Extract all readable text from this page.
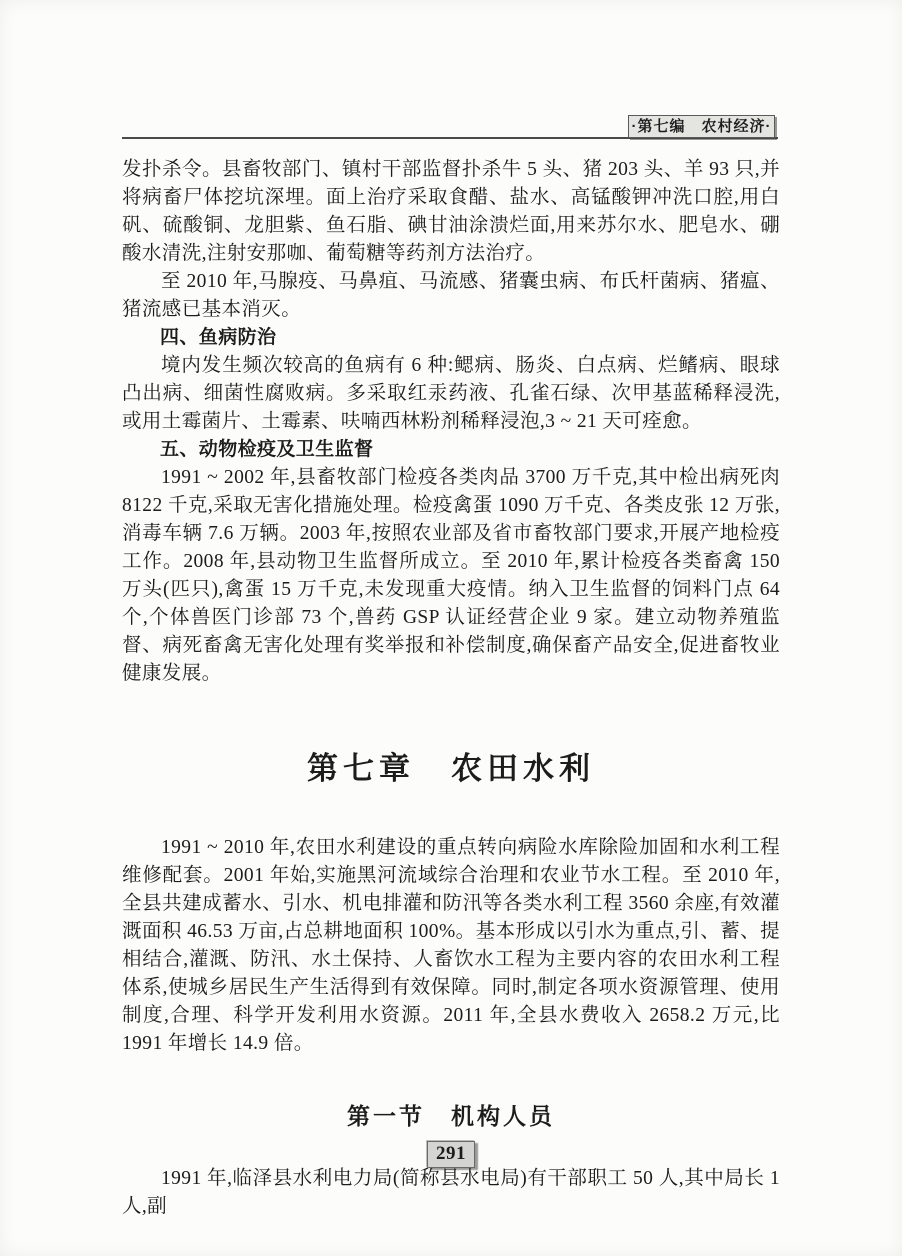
·第七编　农村经济·

发扑杀令。县畜牧部门、镇村干部监督扑杀牛 5 头、猪 203 头、羊 93 只,并将病畜尸体挖坑深埋。面上治疗采取食醋、盐水、高锰酸钾冲洗口腔,用白矾、硫酸铜、龙胆紫、鱼石脂、碘甘油涂溃烂面,用来苏尔水、肥皂水、硼酸水清洗,注射安那咖、葡萄糖等药剂方法治疗。

至 2010 年,马腺疫、马鼻疽、马流感、猪囊虫病、布氏杆菌病、猪瘟、猪流感已基本消灭。

四、鱼病防治

境内发生频次较高的鱼病有 6 种:鳃病、肠炎、白点病、烂鳍病、眼球凸出病、细菌性腐败病。多采取红汞药液、孔雀石绿、次甲基蓝稀释浸洗,或用土霉菌片、土霉素、呋喃西林粉剂稀释浸泡,3 ~ 21 天可痊愈。

五、动物检疫及卫生监督

1991 ~ 2002 年,县畜牧部门检疫各类肉品 3700 万千克,其中检出病死肉 8122 千克,采取无害化措施处理。检疫禽蛋 1090 万千克、各类皮张 12 万张,消毒车辆 7.6 万辆。2003 年,按照农业部及省市畜牧部门要求,开展产地检疫工作。2008 年,县动物卫生监督所成立。至 2010 年,累计检疫各类畜禽 150 万头(匹只),禽蛋 15 万千克,未发现重大疫情。纳入卫生监督的饲料门点 64 个,个体兽医门诊部 73 个,兽药 GSP 认证经营企业 9 家。建立动物养殖监督、病死畜禽无害化处理有奖举报和补偿制度,确保畜产品安全,促进畜牧业健康发展。

第七章　农田水利

1991 ~ 2010 年,农田水利建设的重点转向病险水库除险加固和水利工程维修配套。2001 年始,实施黑河流域综合治理和农业节水工程。至 2010 年,全县共建成蓄水、引水、机电排灌和防汛等各类水利工程 3560 余座,有效灌溉面积 46.53 万亩,占总耕地面积 100%。基本形成以引水为重点,引、蓄、提相结合,灌溉、防汛、水土保持、人畜饮水工程为主要内容的农田水利工程体系,使城乡居民生产生活得到有效保障。同时,制定各项水资源管理、使用制度,合理、科学开发利用水资源。2011 年,全县水费收入 2658.2 万元,比 1991 年增长 14.9 倍。

第一节　机构人员

1991 年,临泽县水利电力局(简称县水电局)有干部职工 50 人,其中局长 1 人,副

291
